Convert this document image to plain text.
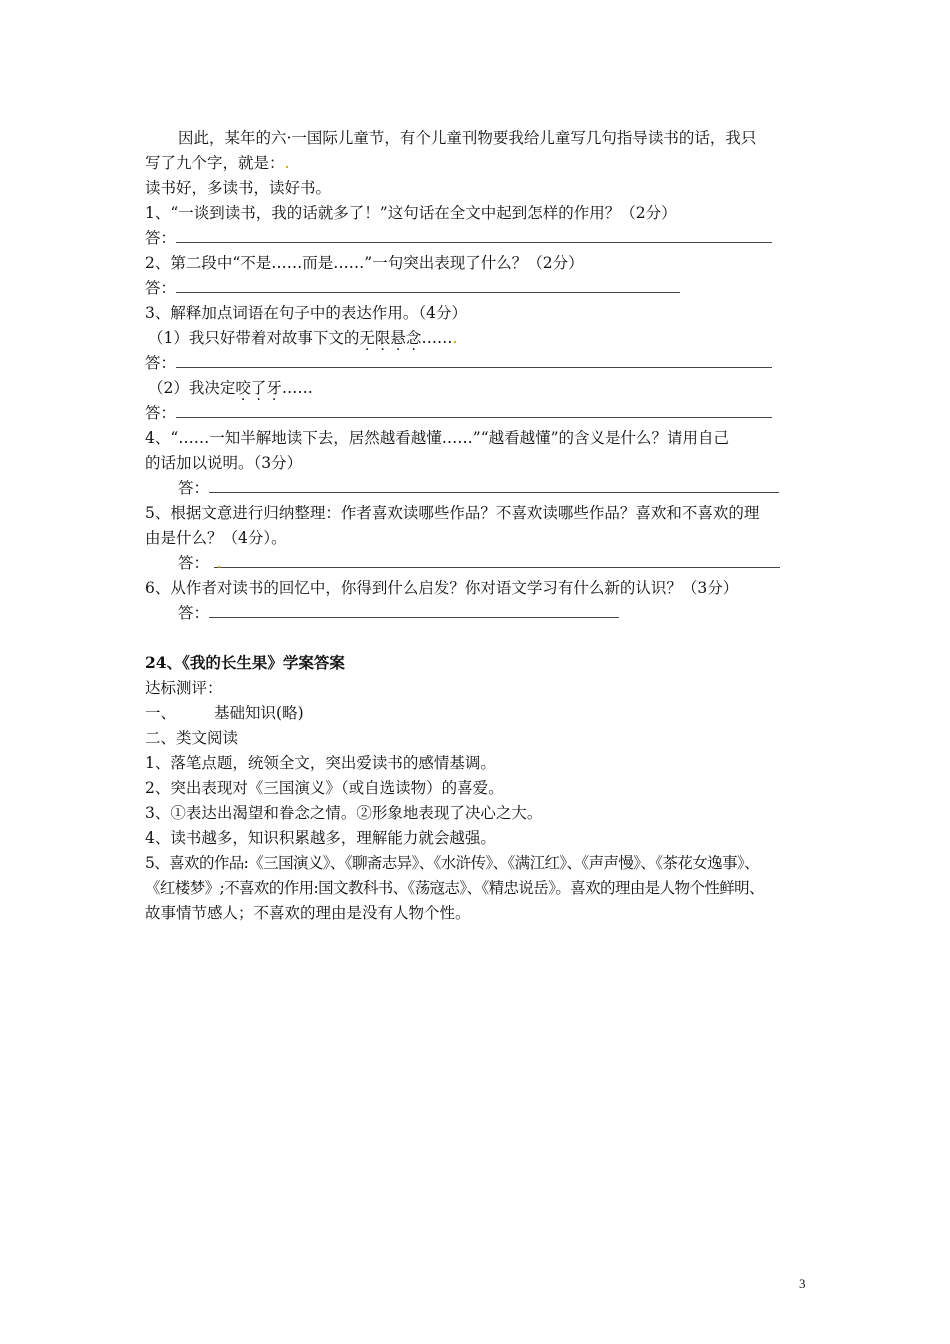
因此，某年的六·一国际儿童节，有个儿童刊物要我给儿童写几句指导读书的话，我只
写了九个字，就是：.
读书好，多读书，读好书。
1、“一谈到读书，我的话就多了！”这句话在全文中起到怎样的作用？（2分）
答：
2、第二段中“不是……而是……”一句突出表现了什么？（2分）
答：
3、解释加点词语在句子中的表达作用。（4分）
（1）我只好带着对故事下文的无限悬念…….
答：
（2）我决定咬了牙……
答：
4、“……一知半解地读下去，居然越看越懂……”“越看越懂”的含义是什么？请用自己
的话加以说明。（3分）
答：
5、根据文意进行归纳整理：作者喜欢读哪些作品？不喜欢读哪些作品？喜欢和不喜欢的理
由是什么？（4分）。
答： .
6、从作者对读书的回忆中，你得到什么启发？你对语文学习有什么新的认识？（3分）
答：
24、《我的长生果》学案答案
达标测评：
一、 基础知识(略)
二、类文阅读
1、落笔点题，统领全文，突出爱读书的感情基调。
2、突出表现对《三国演义》（或自选读物）的喜爱。
3、①表达出渴望和眷念之情。②形象地表现了决心之大。
4、读书越多，知识积累越多，理解能力就会越强。
5、喜欢的作品:《三国演义》、《聊斋志异》、《水浒传》、《满江红》、《声声慢》、《茶花女逸事》、
《红楼梦》;不喜欢的作用:国文教科书、《荡寇志》、《精忠说岳》。喜欢的理由是人物个性鲜明、
故事情节感人；不喜欢的理由是没有人物个性。
3
